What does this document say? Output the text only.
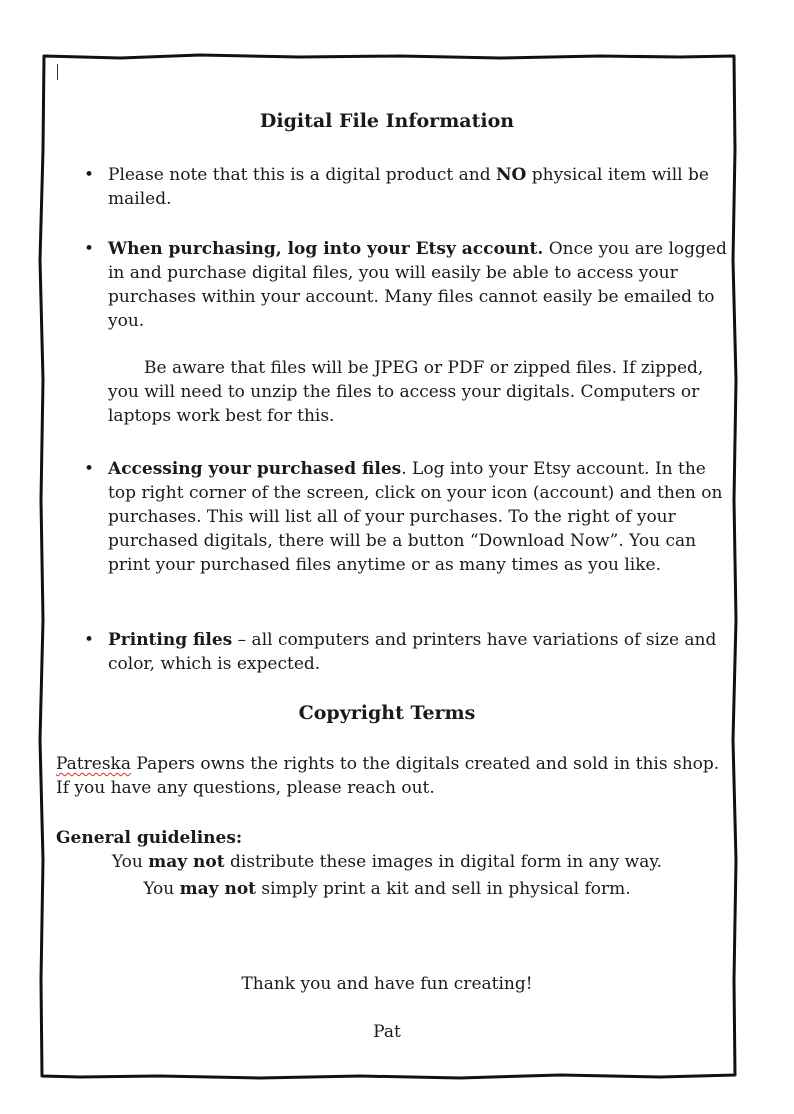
Digital File Information
• Please note that this is a digital product and NO physical item will be mailed.

• When purchasing, log into your Etsy account. Once you are logged in and purchase digital files, you will easily be able to access your purchases within your account. Many files cannot easily be emailed to you.

Be aware that files will be JPEG or PDF or zipped files. If zipped, you will need to unzip the files to access your digitals. Computers or laptops work best for this.

• Accessing your purchased files. Log into your Etsy account. In the top right corner of the screen, click on your icon (account) and then on purchases. This will list all of your purchases. To the right of your purchased digitals, there will be a button “Download Now”. You can print your purchased files anytime or as many times as you like.

• Printing files – all computers and printers have variations of size and color, which is expected.

Copyright Terms

Patreska Papers owns the rights to the digitals created and sold in this shop. If you have any questions, please reach out.

General guidelines:

You may not distribute these images in digital form in any way.

You may not simply print a kit and sell in physical form.

Thank you and have fun creating!

Pat
